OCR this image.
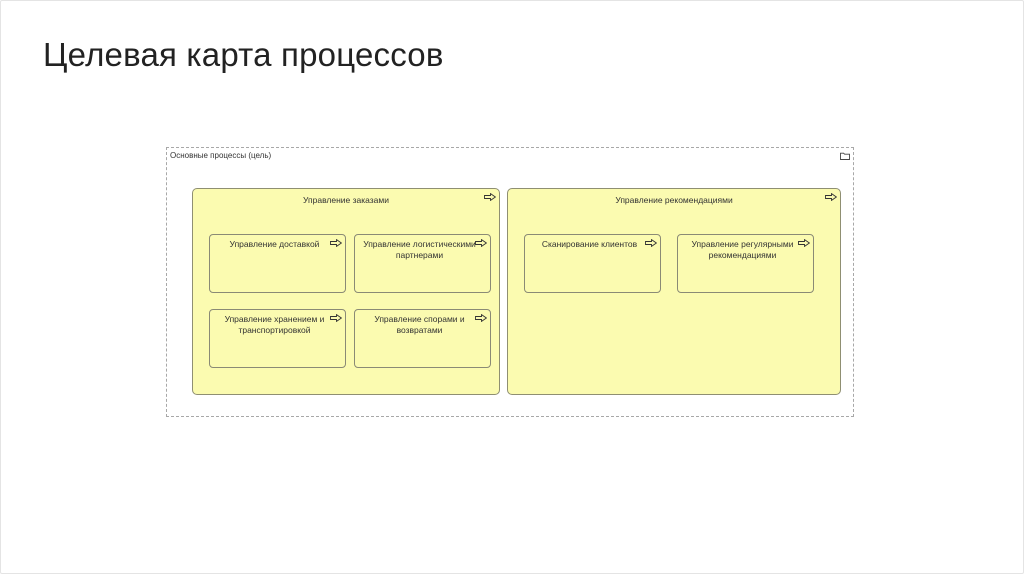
Целевая карта процессов
Основные процессы (цель)
Управление заказами
Управление доставкой	Управление логистическими партнерами
Управление хранением и транспортировкой
Управление спорами и возвратами
Управление рекомендациями
Сканирование клиентов	Управление регулярными рекомендациями
